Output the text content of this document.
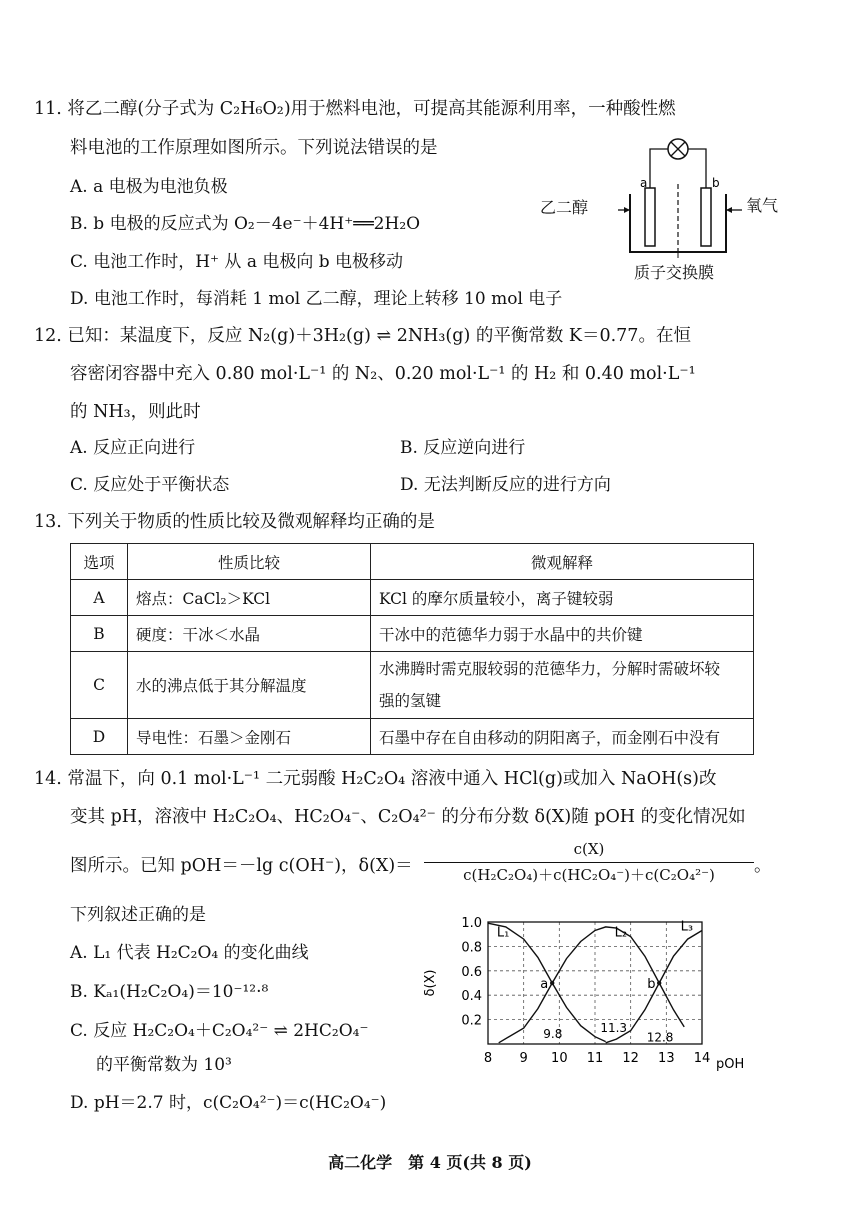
11. 将乙二醇(分子式为 C₂H₆O₂)用于燃料电池，可提高其能源利用率，一种酸性燃
料电池的工作原理如图所示。下列说法错误的是
A. a 电极为电池负极
B. b 电极的反应式为 O₂－4e⁻＋4H⁺══2H₂O
C. 电池工作时，H⁺ 从 a 电极向 b 电极移动
D. 电池工作时，每消耗 1 mol 乙二醇，理论上转移 10 mol 电子
a	b
乙二醇	氧气
质子交换膜
12. 已知：某温度下，反应 N₂(g)＋3H₂(g) ⇌ 2NH₃(g) 的平衡常数 K＝0.77。在恒
容密闭容器中充入 0.80 mol·L⁻¹ 的 N₂、0.20 mol·L⁻¹ 的 H₂ 和 0.40 mol·L⁻¹
的 NH₃，则此时
A. 反应正向进行	B. 反应逆向进行
C. 反应处于平衡状态	D. 无法判断反应的进行方向
13. 下列关于物质的性质比较及微观解释均正确的是
选项	性质比较	微观解释
A	熔点：CaCl₂＞KCl	KCl 的摩尔质量较小，离子键较弱
B	硬度：干冰＜水晶	干冰中的范德华力弱于水晶中的共价键
C	水的沸点低于其分解温度	水沸腾时需克服较弱的范德华力，分解时需破坏较
强的氢键

D	导电性：石墨＞金刚石	石墨中存在自由移动的阴阳离子，而金刚石中没有
14. 常温下，向 0.1 mol·L⁻¹ 二元弱酸 H₂C₂O₄ 溶液中通入 HCl(g)或加入 NaOH(s)改
变其 pH，溶液中 H₂C₂O₄、HC₂O₄⁻、C₂O₄²⁻ 的分布分数 δ(X)随 pOH 的变化情况如
图所示。已知 pOH＝－lg c(OH⁻)，δ(X)＝
c(X)
c(H₂C₂O₄)＋c(HC₂O₄⁻)＋c(C₂O₄²⁻)	。
下列叙述正确的是
A. L₁ 代表 H₂C₂O₄ 的变化曲线
B. Kₐ₁(H₂C₂O₄)＝10⁻¹²·⁸
C. 反应 H₂C₂O₄＋C₂O₄²⁻ ⇌ 2HC₂O₄⁻
的平衡常数为 10³
D. pH＝2.7 时，c(C₂O₄²⁻)＝c(HC₂O₄⁻)
8 9 10 11 12 13 14 pOH
0.2
0.4
0.6
0.8
1.0
δ(X)
L₁	L₂	L₃
a	b
9.8	11.3
12.8
高二化学　第 4 页(共 8 页)
